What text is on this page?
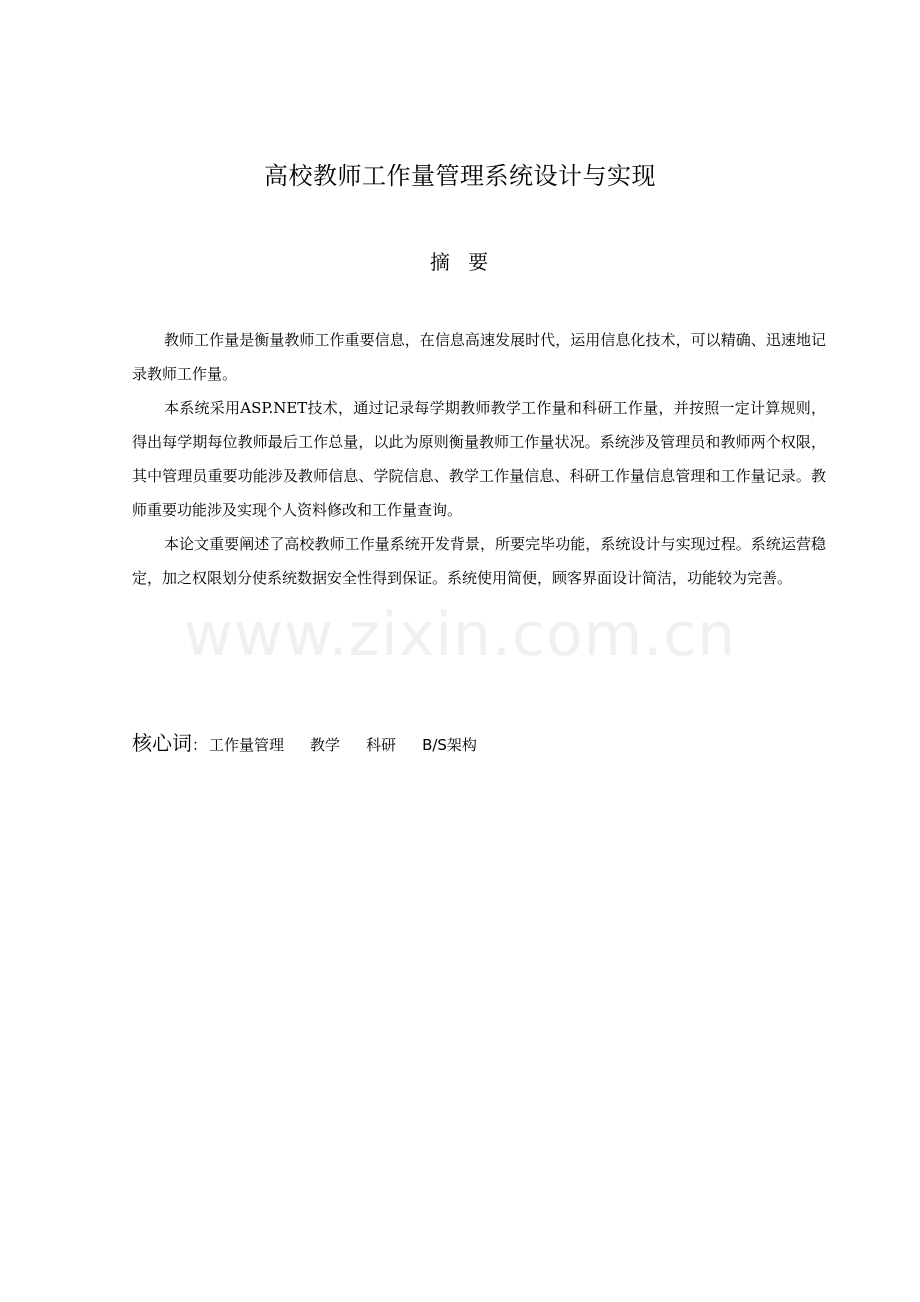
高校教师工作量管理系统设计与实现
摘 要

教师工作量是衡量教师工作重要信息，在信息高速发展时代，运用信息化技术，可以精确、迅速地记录教师工作量。

本系统采用ASP.NET技术，通过记录每学期教师教学工作量和科研工作量，并按照一定计算规则，得出每学期每位教师最后工作总量，以此为原则衡量教师工作量状况。系统涉及管理员和教师两个权限，其中管理员重要功能涉及教师信息、学院信息、教学工作量信息、科研工作量信息管理和工作量记录。教师重要功能涉及实现个人资料修改和工作量查询。

本论文重要阐述了高校教师工作量系统开发背景，所要完毕功能，系统设计与实现过程。系统运营稳定，加之权限划分使系统数据安全性得到保证。系统使用简便，顾客界面设计简洁，功能较为完善。

www.zixin.com.cn
核心词 ： 工作量管理 教学 科研 B/S架构
